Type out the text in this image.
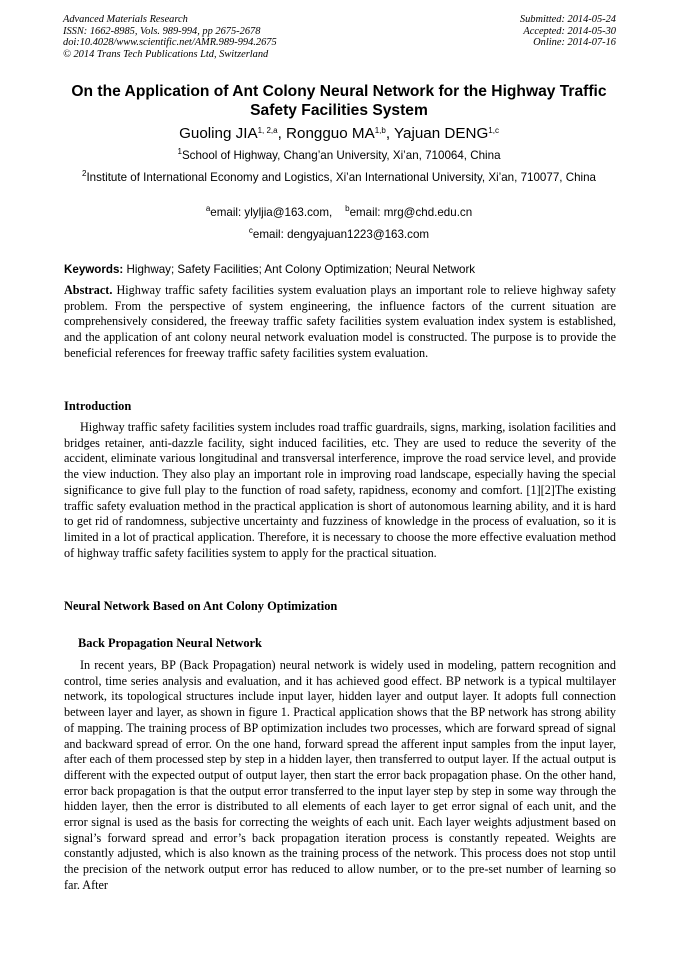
Advanced Materials Research
ISSN: 1662-8985, Vols. 989-994, pp 2675-2678
doi:10.4028/www.scientific.net/AMR.989-994.2675
© 2014 Trans Tech Publications Ltd, Switzerland
Submitted: 2014-05-24
Accepted: 2014-05-30
Online: 2014-07-16
On the Application of Ant Colony Neural Network for the Highway Traffic Safety Facilities System
Guoling JIA$^{1, 2,a}$, Rongguo MA$^{1,b}$, Yajuan DENG$^{1,c}$
$^1$School of Highway, Chang’an University, Xi’an, 710064, China
$^2$Institute of International Economy and Logistics, Xi’an International University, Xi’an, 710077, China
$^a$email: ylyljia@163.com, $^b$email: mrg@chd.edu.cn
$^c$email: dengyajuan1223@163.com
Keywords: Highway; Safety Facilities; Ant Colony Optimization; Neural Network
Abstract. Highway traffic safety facilities system evaluation plays an important role to relieve highway safety problem. From the perspective of system engineering, the influence factors of the current situation are comprehensively considered, the freeway traffic safety facilities system evaluation index system is established, and the application of ant colony neural network evaluation model is constructed. The purpose is to provide the beneficial references for freeway traffic safety facilities system evaluation.
Introduction
Highway traffic safety facilities system includes road traffic guardrails, signs, marking, isolation facilities and bridges retainer, anti-dazzle facility, sight induced facilities, etc. They are used to reduce the severity of the accident, eliminate various longitudinal and transversal interference, improve the road service level, and provide the view induction. They also play an important role in improving road landscape, especially having the special significance to give full play to the function of road safety, rapidness, economy and comfort. [1][2]The existing traffic safety evaluation method in the practical application is short of autonomous learning ability, and it is hard to get rid of randomness, subjective uncertainty and fuzziness of knowledge in the process of evaluation, so it is limited in a lot of practical application. Therefore, it is necessary to choose the more effective evaluation method of highway traffic safety facilities system to apply for the practical situation.
Neural Network Based on Ant Colony Optimization
Back Propagation Neural Network
In recent years, BP (Back Propagation) neural network is widely used in modeling, pattern recognition and control, time series analysis and evaluation, and it has achieved good effect. BP network is a typical multilayer network, its topological structures include input layer, hidden layer and output layer. It adopts full connection between layer and layer, as shown in figure 1. Practical application shows that the BP network has strong ability of mapping. The training process of BP optimization includes two processes, which are forward spread of signal and backward spread of error. On the one hand, forward spread the afferent input samples from the input layer, after each of them processed step by step in a hidden layer, then transferred to output layer. If the actual output is different with the expected output of output layer, then start the error back propagation phase. On the other hand, error back propagation is that the output error transferred to the input layer step by step in some way through the hidden layer, then the error is distributed to all elements of each layer to get error signal of each unit, and the error signal is used as the basis for correcting the weights of each unit. Each layer weights adjustment based on signal’s forward spread and error’s back propagation iteration process is constantly repeated. Weights are constantly adjusted, which is also known as the training process of the network. This process does not stop until the precision of the network output error has reduced to allow number, or to the pre-set number of learning so far. After
